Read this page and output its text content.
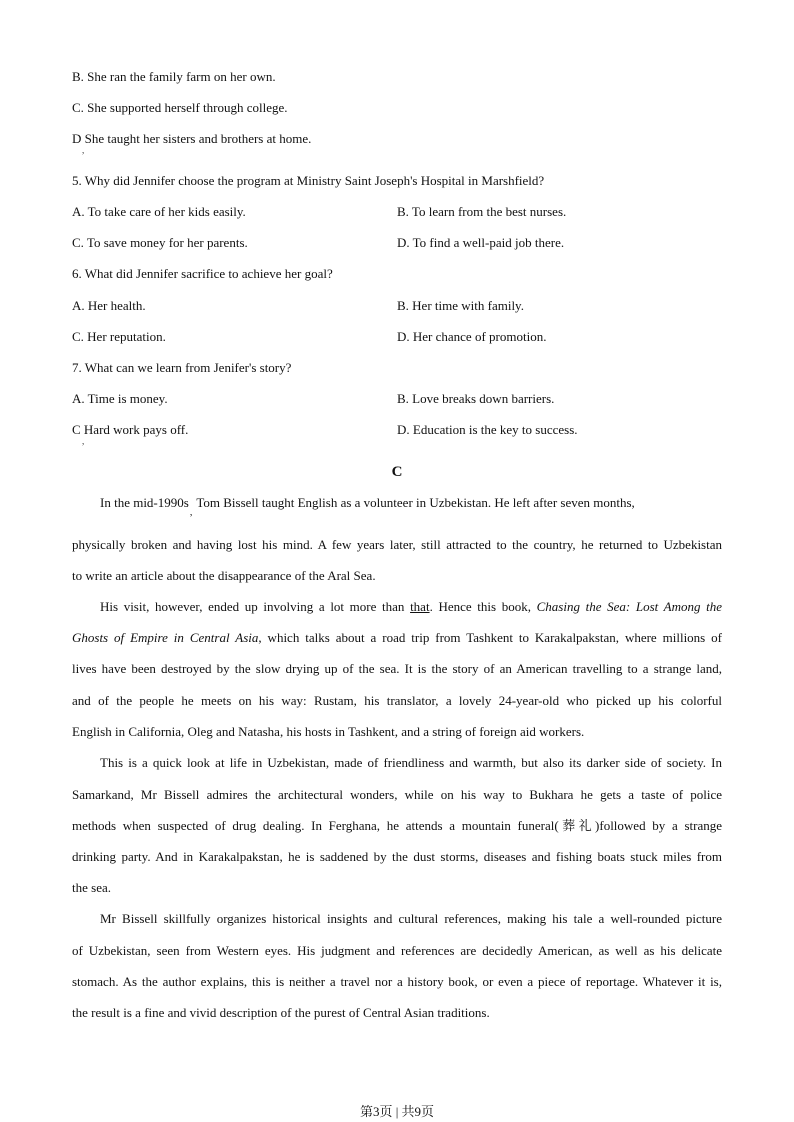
B. She ran the family farm on her own.
C. She supported herself through college.
D She taught her sisters and brothers at home.
,
5. Why did Jennifer choose the program at Ministry Saint Joseph's Hospital in Marshfield?
A. To take care of her kids easily.	B. To learn from the best nurses.
C. To save money for her parents.	D. To find a well-paid job there.
6. What did Jennifer sacrifice to achieve her goal?
A. Her health.	B. Her time with family.
C. Her reputation.	D. Her chance of promotion.
7. What can we learn from Jenifer's story?
A. Time is money.	B. Love breaks down barriers.
C Hard work pays off.	D. Education is the key to success.
,
C
In the mid-$1990s_,Tom$ Bissell taught English as a volunteer in Uzbekistan. He left after seven months,
physically broken and having lost his mind. A few years later, still attracted to the country, he returned to Uzbekistan
to write an article about the disappearance of the Aral Sea.
His visit, however, ended up involving a lot more than that. Hence this book, Chasing the Sea: Lost Among the
Ghosts of Empire in Central Asia, which talks about a road trip from Tashkent to Karakalpakstan, where millions of
lives have been destroyed by the slow drying up of the sea. It is the story of an American travelling to a strange land,
and of the people he meets on his way: Rustam, his translator, a lovely 24-year-old who picked up his colorful
English in California, Oleg and Natasha, his hosts in Tashkent, and a string of foreign aid workers.
This is a quick look at life in Uzbekistan, made of friendliness and warmth, but also its darker side of society. In
Samarkand, Mr Bissell admires the architectural wonders, while on his way to Bukhara he gets a taste of police
methods when suspected of drug dealing. In Ferghana, he attends a mountain funeral(葬礼)followed by a strange
drinking party. And in Karakalpakstan, he is saddened by the dust storms, diseases and fishing boats stuck miles from
the sea.
Mr Bissell skillfully organizes historical insights and cultural references, making his tale a well-rounded picture
of Uzbekistan, seen from Western eyes. His judgment and references are decidedly American, as well as his delicate
stomach. As the author explains, this is neither a travel nor a history book, or even a piece of reportage. Whatever it is,
the result is a fine and vivid description of the purest of Central Asian traditions.
第3页 | 共9页
